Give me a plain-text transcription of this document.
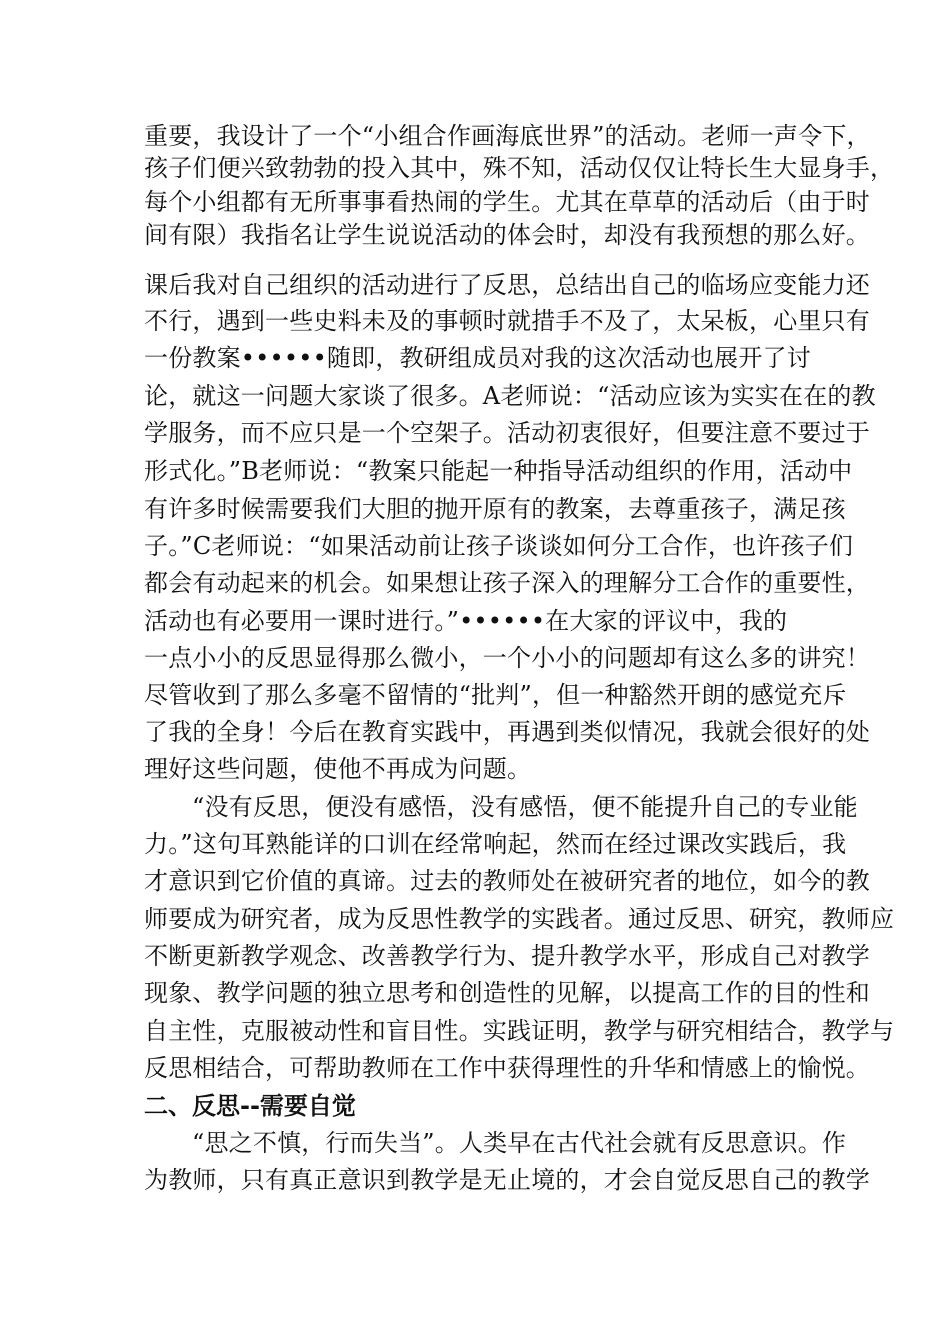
重要，我设计了一个“小组合作画海底世界”的活动。老师一声令下，
孩子们便兴致勃勃的投入其中，殊不知，活动仅仅让特长生大显身手，
每个小组都有无所事事看热闹的学生。尤其在草草的活动后（由于时
间有限）我指名让学生说说活动的体会时，却没有我预想的那么好。
课后我对自己组织的活动进行了反思，总结出自己的临场应变能力还
不行，遇到一些史料未及的事顿时就措手不及了，太呆板，心里只有
一份教案••••••随即，教研组成员对我的这次活动也展开了讨
论，就这一问题大家谈了很多。A老师说：“活动应该为实实在在的教
学服务，而不应只是一个空架子。活动初衷很好，但要注意不要过于
形式化。”B老师说：“教案只能起一种指导活动组织的作用，活动中
有许多时候需要我们大胆的抛开原有的教案，去尊重孩子，满足孩
子。”C老师说：“如果活动前让孩子谈谈如何分工合作，也许孩子们
都会有动起来的机会。如果想让孩子深入的理解分工合作的重要性，
活动也有必要用一课时进行。”••••••在大家的评议中，我的
一点小小的反思显得那么微小，一个小小的问题却有这么多的讲究！
尽管收到了那么多毫不留情的“批判”，但一种豁然开朗的感觉充斥
了我的全身！今后在教育实践中，再遇到类似情况，我就会很好的处
理好这些问题，使他不再成为问题。
“没有反思，便没有感悟，没有感悟，便不能提升自己的专业能
力。”这句耳熟能详的口训在经常响起，然而在经过课改实践后，我
才意识到它价值的真谛。过去的教师处在被研究者的地位，如今的教
师要成为研究者，成为反思性教学的实践者。通过反思、研究，教师应
不断更新教学观念、改善教学行为、提升教学水平，形成自己对教学
现象、教学问题的独立思考和创造性的见解，以提高工作的目的性和
自主性，克服被动性和盲目性。实践证明，教学与研究相结合，教学与
反思相结合，可帮助教师在工作中获得理性的升华和情感上的愉悦。
二、反思--需要自觉
“思之不慎，行而失当”。人类早在古代社会就有反思意识。作
为教师，只有真正意识到教学是无止境的，才会自觉反思自己的教学
